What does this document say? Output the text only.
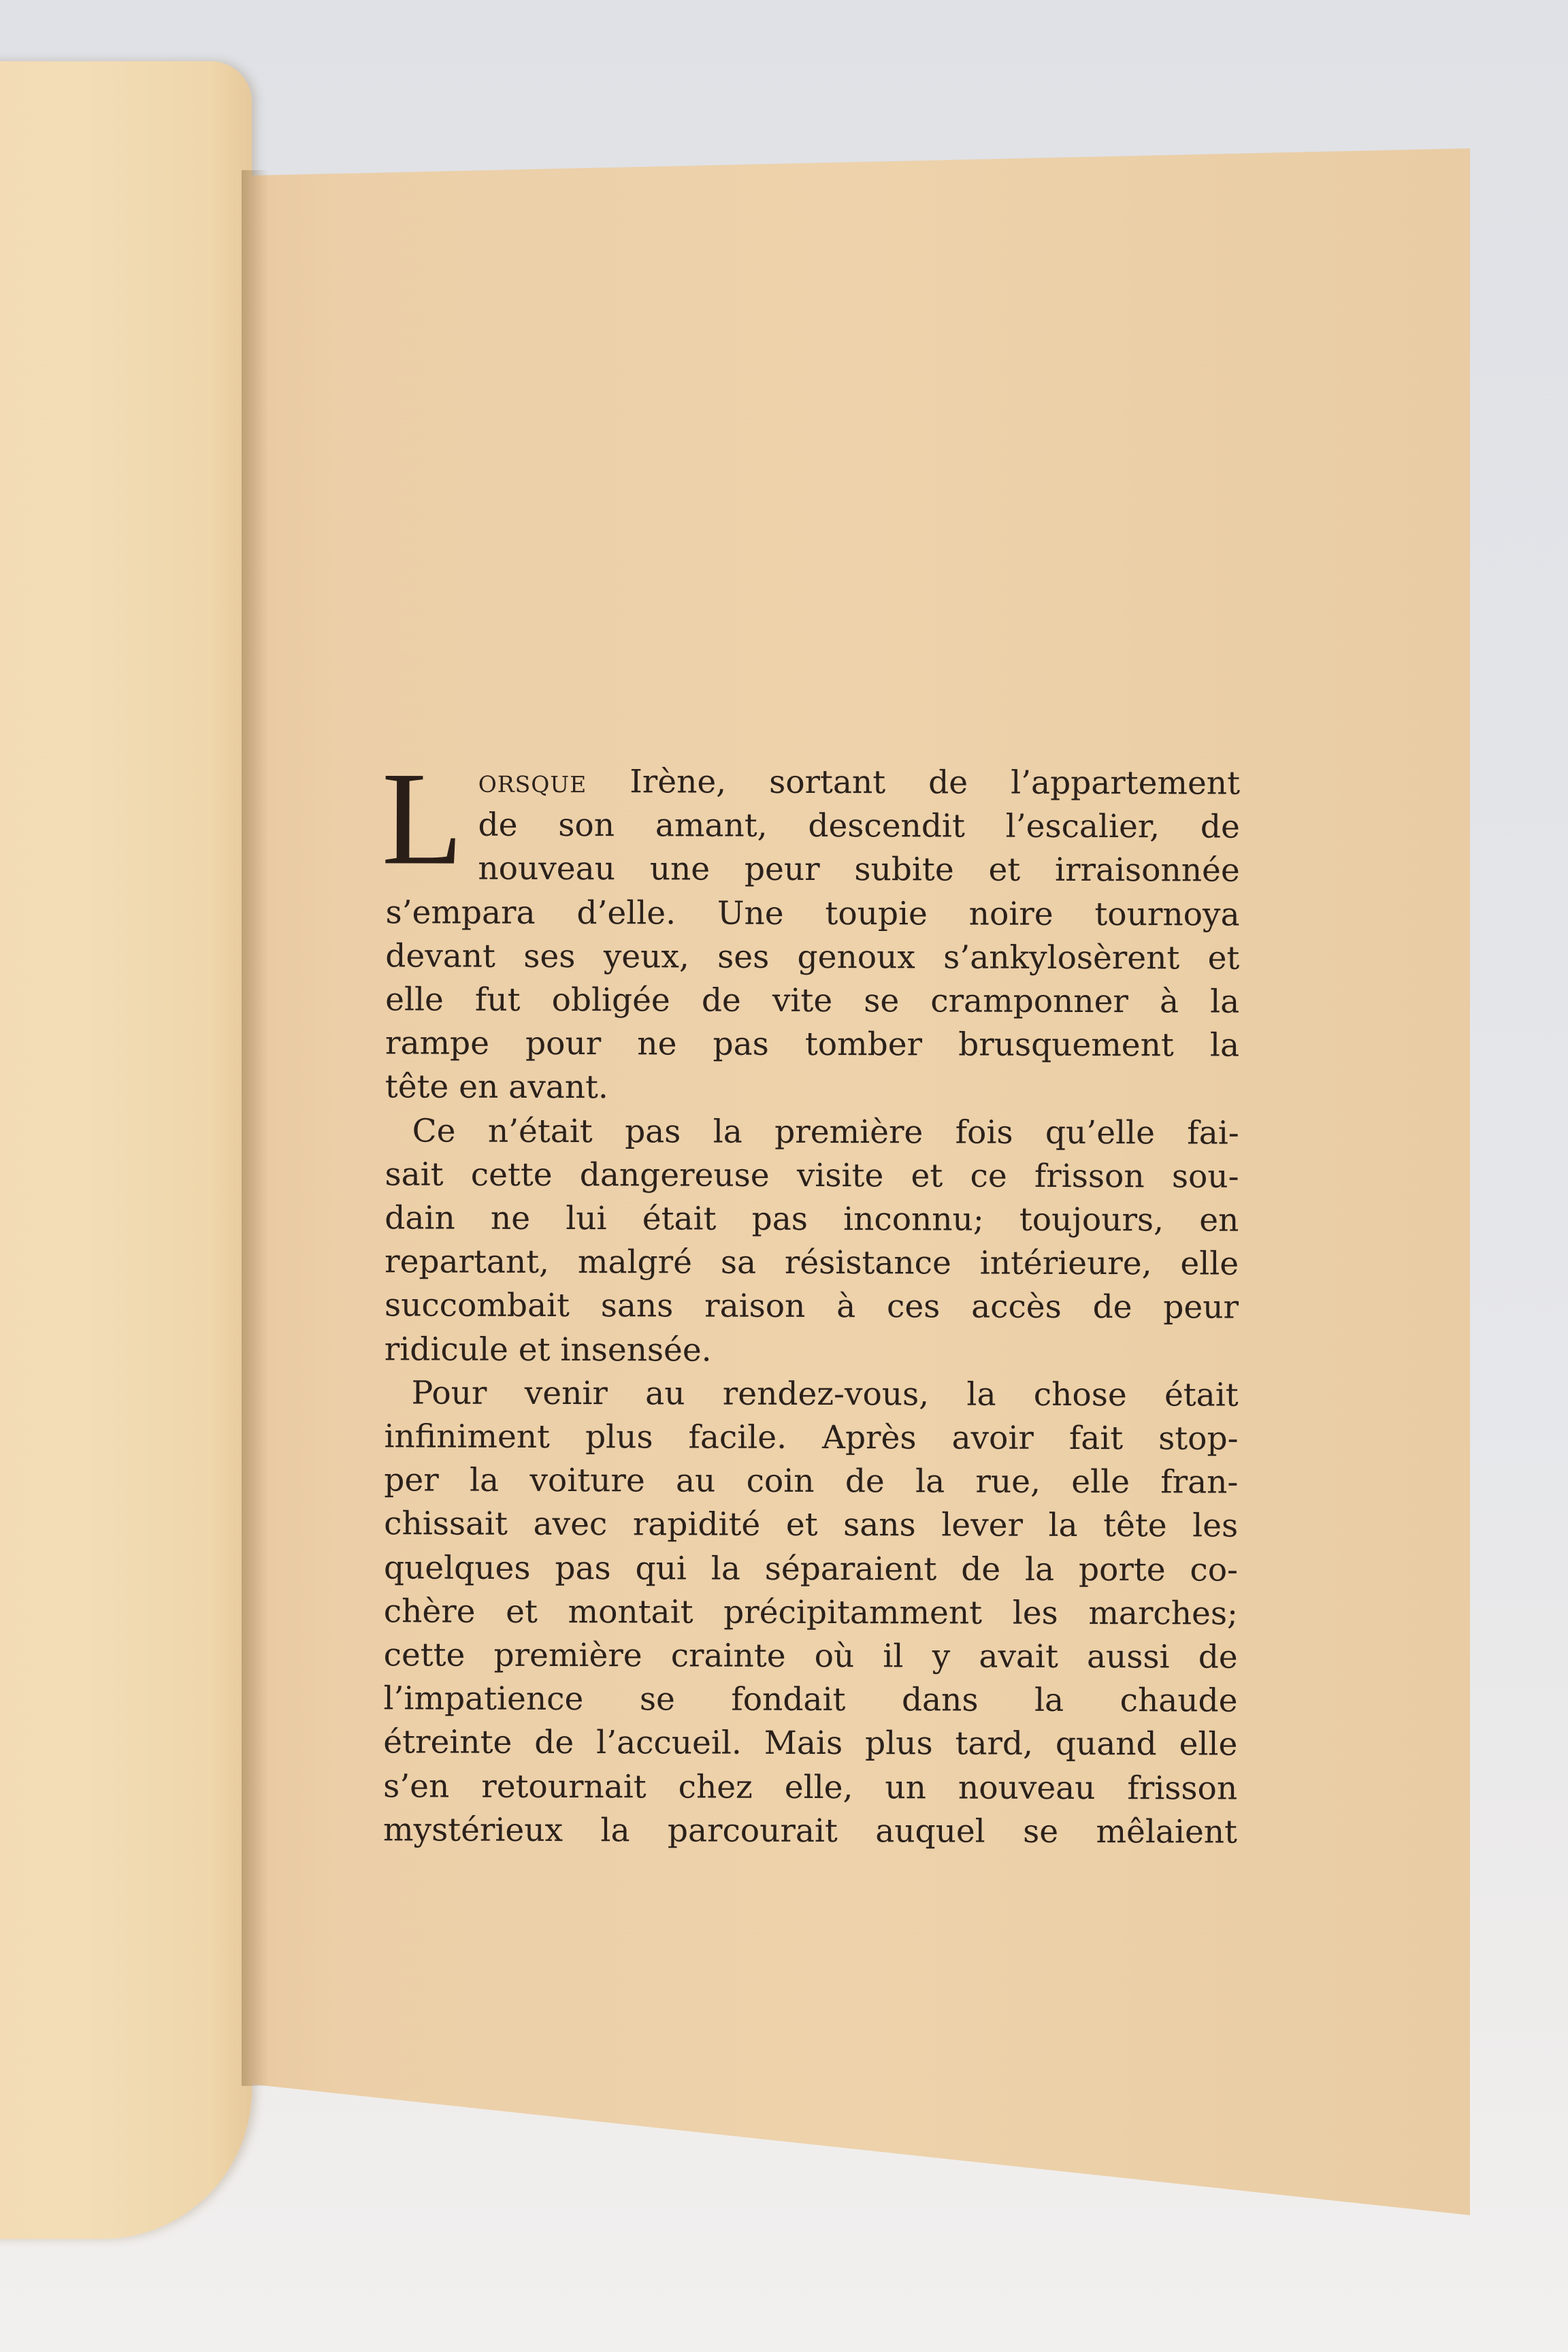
L orsque Irène, sortant de l’appartement
de son amant, descendit l’escalier, de
nouveau une peur subite et irraisonnée
s’empara d’elle. Une toupie noire tournoya
devant ses yeux, ses genoux s’ankylosèrent et
elle fut obligée de vite se cramponner à la
rampe pour ne pas tomber brusquement la
tête en avant.
Ce n’était pas la première fois qu’elle fai-
sait cette dangereuse visite et ce frisson sou-
dain ne lui était pas inconnu; toujours, en
repartant, malgré sa résistance intérieure, elle
succombait sans raison à ces accès de peur
ridicule et insensée.
Pour venir au rendez-vous, la chose était
infiniment plus facile. Après avoir fait stop-
per la voiture au coin de la rue, elle fran-
chissait avec rapidité et sans lever la tête les
quelques pas qui la séparaient de la porte co-
chère et montait précipitamment les marches;
cette première crainte où il y avait aussi de
l’impatience se fondait dans la chaude
étreinte de l’accueil. Mais plus tard, quand elle
s’en retournait chez elle, un nouveau frisson
mystérieux la parcourait auquel se mêlaient
